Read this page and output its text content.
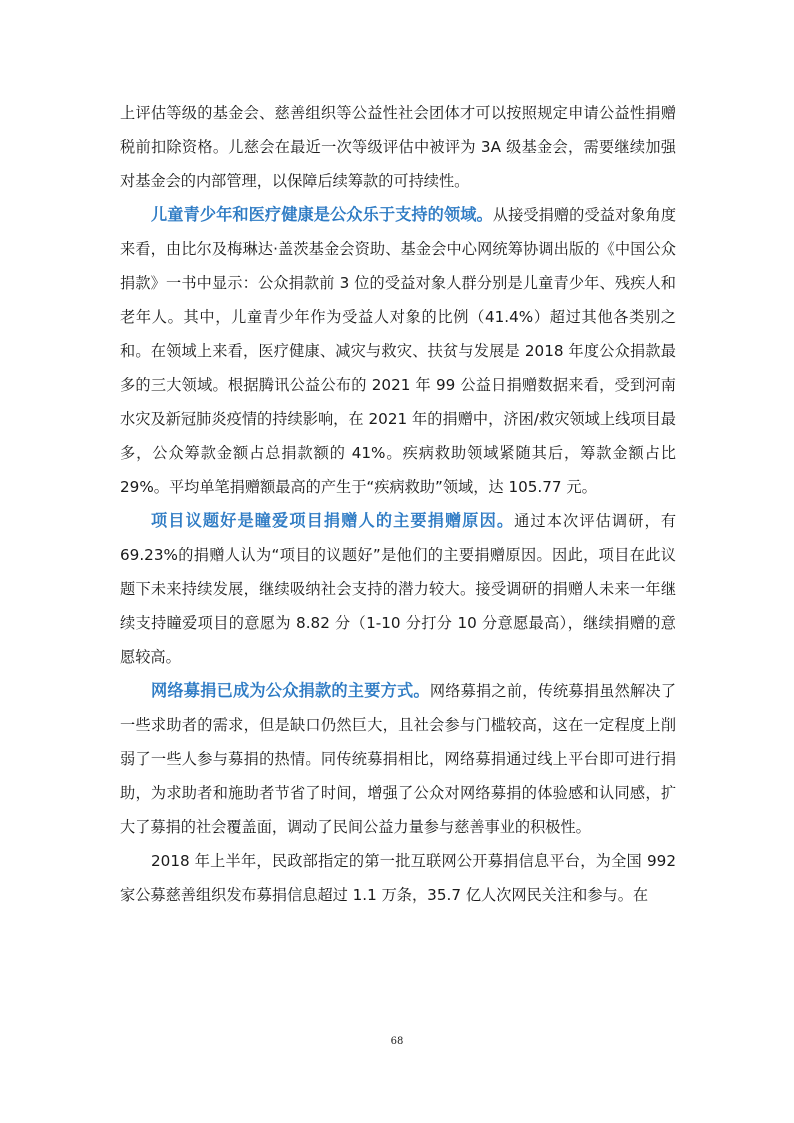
上评估等级的基金会、慈善组织等公益性社会团体才可以按照规定申请公益性捐赠税前扣除资格。儿慈会在最近一次等级评估中被评为 3A 级基金会，需要继续加强对基金会的内部管理，以保障后续筹款的可持续性。

儿童青少年和医疗健康是公众乐于支持的领域。从接受捐赠的受益对象角度来看，由比尔及梅琳达·盖茨基金会资助、基金会中心网统筹协调出版的《中国公众捐款》一书中显示：公众捐款前 3 位的受益对象人群分别是儿童青少年、残疾人和老年人。其中，儿童青少年作为受益人对象的比例（41.4%）超过其他各类别之和。在领域上来看，医疗健康、减灾与救灾、扶贫与发展是 2018 年度公众捐款最多的三大领域。根据腾讯公益公布的 2021 年 99 公益日捐赠数据来看，受到河南水灾及新冠肺炎疫情的持续影响，在 2021 年的捐赠中，济困/救灾领域上线项目最多，公众筹款金额占总捐款额的 41%。疾病救助领域紧随其后，筹款金额占比 29%。平均单笔捐赠额最高的产生于“疾病救助”领域，达 105.77 元。

项目议题好是瞳爱项目捐赠人的主要捐赠原因。通过本次评估调研，有 69.23%的捐赠人认为“项目的议题好”是他们的主要捐赠原因。因此，项目在此议题下未来持续发展，继续吸纳社会支持的潜力较大。接受调研的捐赠人未来一年继续支持瞳爱项目的意愿为 8.82 分（1-10 分打分 10 分意愿最高），继续捐赠的意愿较高。

网络募捐已成为公众捐款的主要方式。网络募捐之前，传统募捐虽然解决了一些求助者的需求，但是缺口仍然巨大，且社会参与门槛较高，这在一定程度上削弱了一些人参与募捐的热情。同传统募捐相比，网络募捐通过线上平台即可进行捐助，为求助者和施助者节省了时间，增强了公众对网络募捐的体验感和认同感，扩大了募捐的社会覆盖面，调动了民间公益力量参与慈善事业的积极性。

2018 年上半年，民政部指定的第一批互联网公开募捐信息平台，为全国 992 家公募慈善组织发布募捐信息超过 1.1 万条，35.7 亿人次网民关注和参与。在

68
